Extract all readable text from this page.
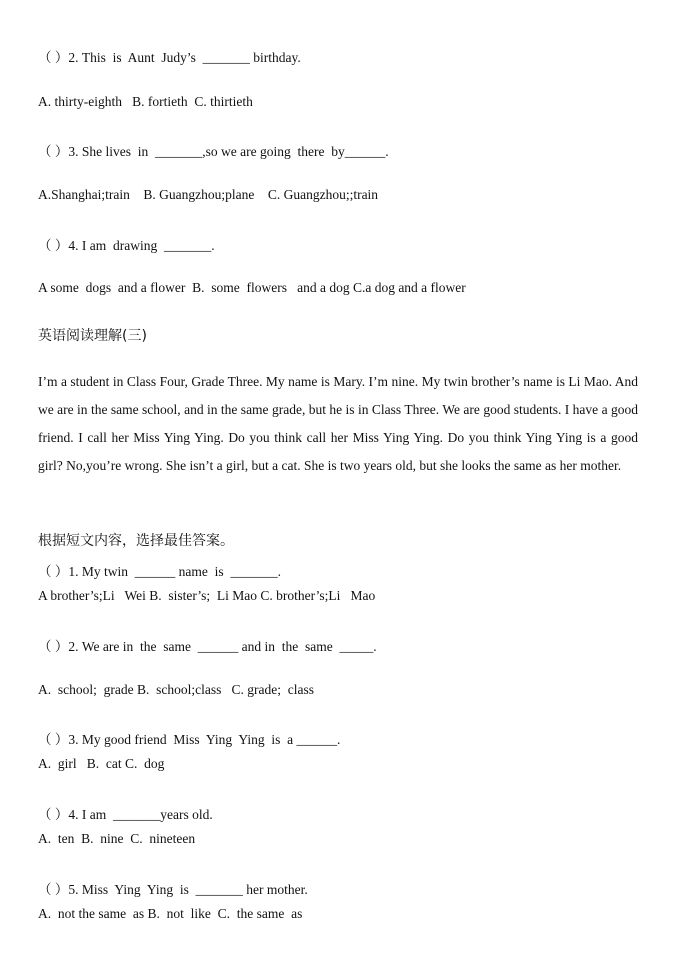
（ ）2. This  is  Aunt  Judy’s  _______ birthday.
A. thirty-eighth   B. fortieth  C. thirtieth
（ ）3. She lives  in  _______,so we are going  there  by______.
A.Shanghai;train    B. Guangzhou;plane    C. Guangzhou;;train
（ ）4. I am  drawing  _______.
A some  dogs  and a flower  B.  some  flowers   and a dog C.a dog and a flower
英语阅读理解(三)
I’m a student in Class Four, Grade Three. My name is Mary. I’m nine. My twin brother’s name is Li Mao. And we are in the same school, and in the same grade, but he is in Class Three. We are good students. I have a good friend. I call her Miss Ying Ying. Do you think call her Miss Ying Ying. Do you think Ying Ying is a good girl? No,you’re wrong. She isn’t a girl, but a cat. She is two years old, but she looks the same as her mother.
根据短文内容，选择最佳答案。
（ ）1. My twin  ______ name  is  _______.
A brother’s;Li   Wei B.  sister’s;  Li Mao C. brother’s;Li   Mao
（ ）2. We are in  the  same  ______ and in  the  same  _____.
A.  school;  grade B.  school;class   C. grade;  class
（ ）3. My good friend  Miss  Ying  Ying  is  a ______.
A.  girl   B.  cat C.  dog
（ ）4. I am  _______years old.
A.  ten  B.  nine  C.  nineteen
（ ）5. Miss  Ying  Ying  is  _______ her mother.
A.  not the same  as B.  not  like  C.  the same  as
